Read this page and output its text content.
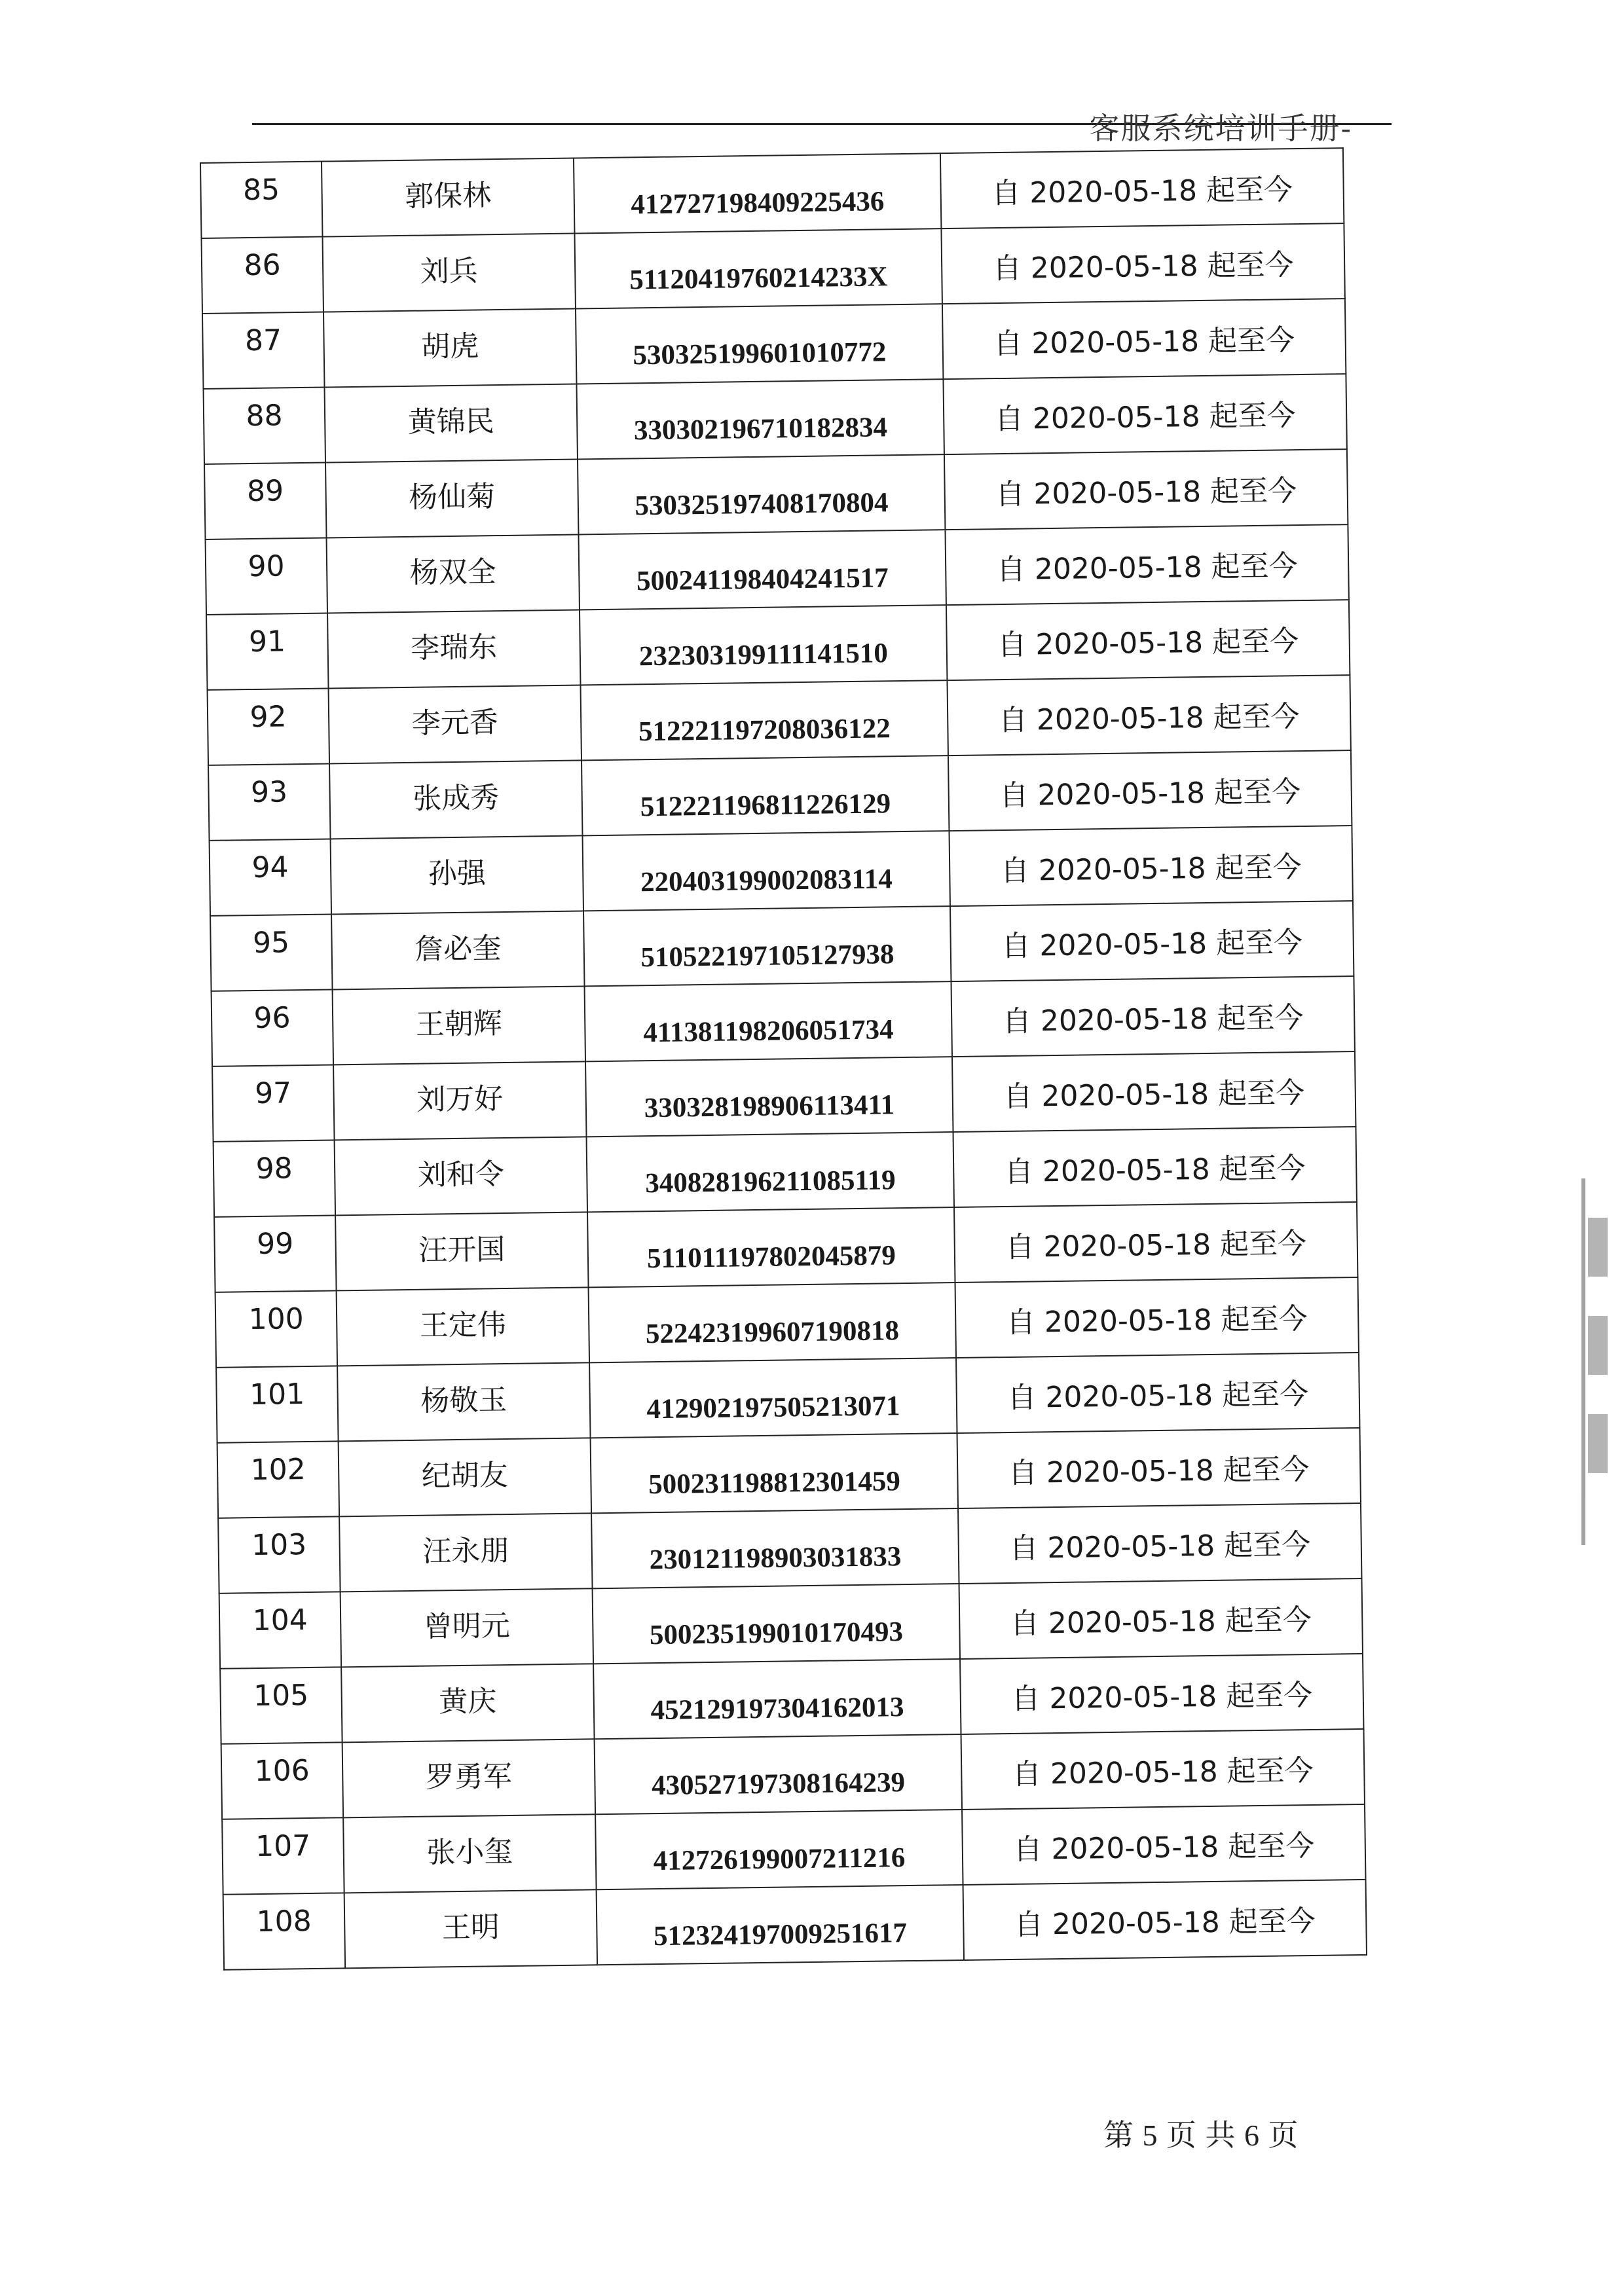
客服系统培训手册-
85	郭保林	412727198409225436	自 2020-05-18 起至今
86	刘兵	51120419760214233X	自 2020-05-18 起至今
87	胡虎	530325199601010772	自 2020-05-18 起至今
88	黄锦民	330302196710182834	自 2020-05-18 起至今
89	杨仙菊	530325197408170804	自 2020-05-18 起至今
90	杨双全	500241198404241517	自 2020-05-18 起至今
91	李瑞东	232303199111141510	自 2020-05-18 起至今
92	李元香	512221197208036122	自 2020-05-18 起至今
93	张成秀	512221196811226129	自 2020-05-18 起至今
94	孙强	220403199002083114	自 2020-05-18 起至今
95	詹必奎	510522197105127938	自 2020-05-18 起至今
96	王朝辉	411381198206051734	自 2020-05-18 起至今
97	刘万好	330328198906113411	自 2020-05-18 起至今
98	刘和令	340828196211085119	自 2020-05-18 起至今
99	汪开国	511011197802045879	自 2020-05-18 起至今
100	王定伟	522423199607190818	自 2020-05-18 起至今
101	杨敬玉	412902197505213071	自 2020-05-18 起至今
102	纪胡友	500231198812301459	自 2020-05-18 起至今
103	汪永朋	230121198903031833	自 2020-05-18 起至今
104	曾明元	500235199010170493	自 2020-05-18 起至今
105	黄庆	452129197304162013	自 2020-05-18 起至今
106	罗勇军	430527197308164239	自 2020-05-18 起至今
107	张小玺	412726199007211216	自 2020-05-18 起至今
108	王明	512324197009251617	自 2020-05-18 起至今
第 5 页 共 6 页
